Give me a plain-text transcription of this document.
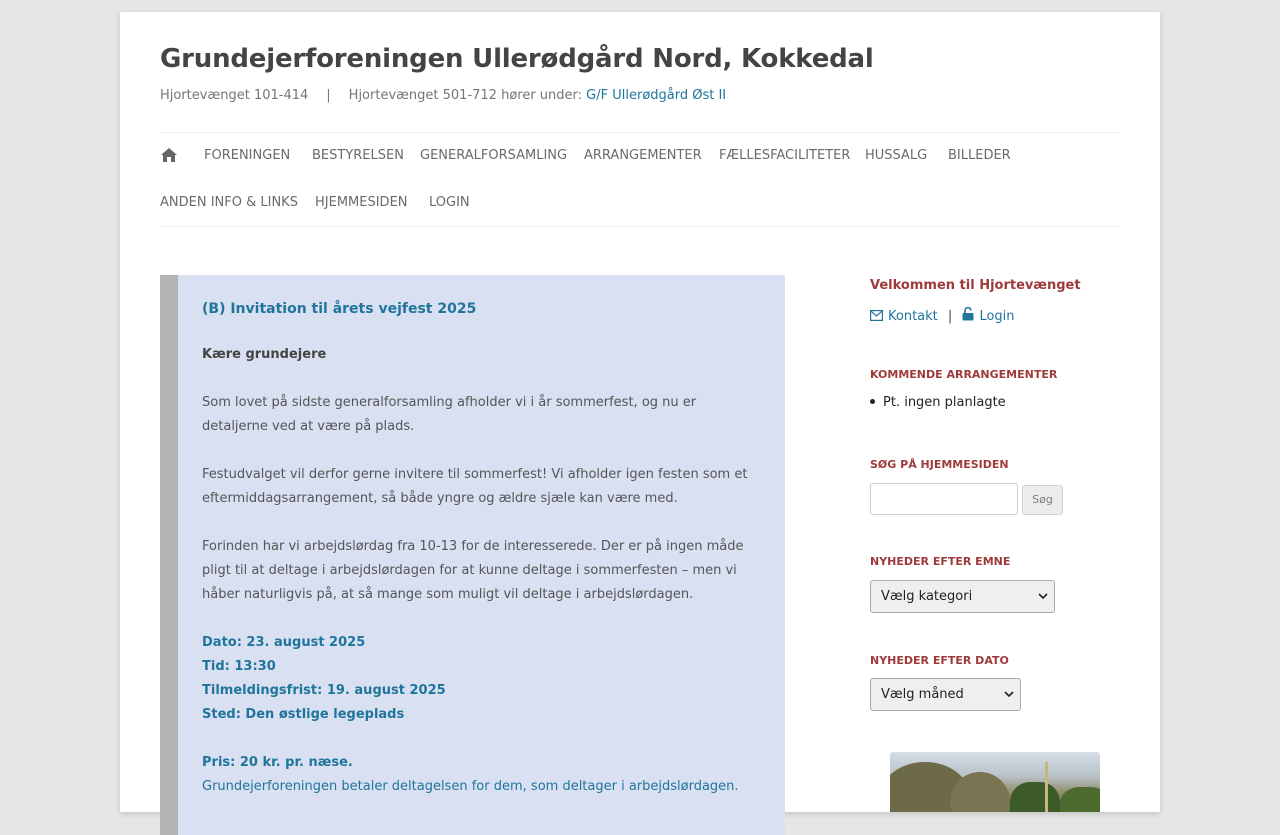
Grundejerforeningen Ullerødgård Nord, Kokkedal
Hjortevænget 101-414 | Hjortevænget 501-712 hører under: G/F Ullerødgård Øst II
FORENINGEN BESTYRELSEN GENERALFORSAMLING ARRANGEMENTER FÆLLESFACILITETER HUSSALG BILLEDER
ANDEN INFO & LINKS HJEMMESIDEN LOGIN
(B) Invitation til årets vejfest 2025

Kære grundejere

Som lovet på sidste generalforsamling afholder vi i år sommerfest, og nu er detaljerne ved at være på plads.

Festudvalget vil derfor gerne invitere til sommerfest! Vi afholder igen festen som et eftermiddagsarrangement, så både yngre og ældre sjæle kan være med.

Forinden har vi arbejdslørdag fra 10-13 for de interesserede. Der er på ingen måde pligt til at deltage i arbejdslørdagen for at kunne deltage i sommerfesten – men vi håber naturligvis på, at så mange som muligt vil deltage i arbejdslørdagen.

Dato: 23. august 2025
Tid: 13:30
Tilmeldingsfrist: 19. august 2025
Sted: Den østlige legeplads
Pris: 20 kr. pr. næse.
Grundejerforeningen betaler deltagelsen for dem, som deltager i arbejdslørdagen.
Velkommen til Hjortevænget
Kontakt | Login
KOMMENDE ARRANGEMENTER
Pt. ingen planlagte
SØG PÅ HJEMMESIDEN
Søg
NYHEDER EFTER EMNE
Vælg kategori
NYHEDER EFTER DATO
Vælg måned
